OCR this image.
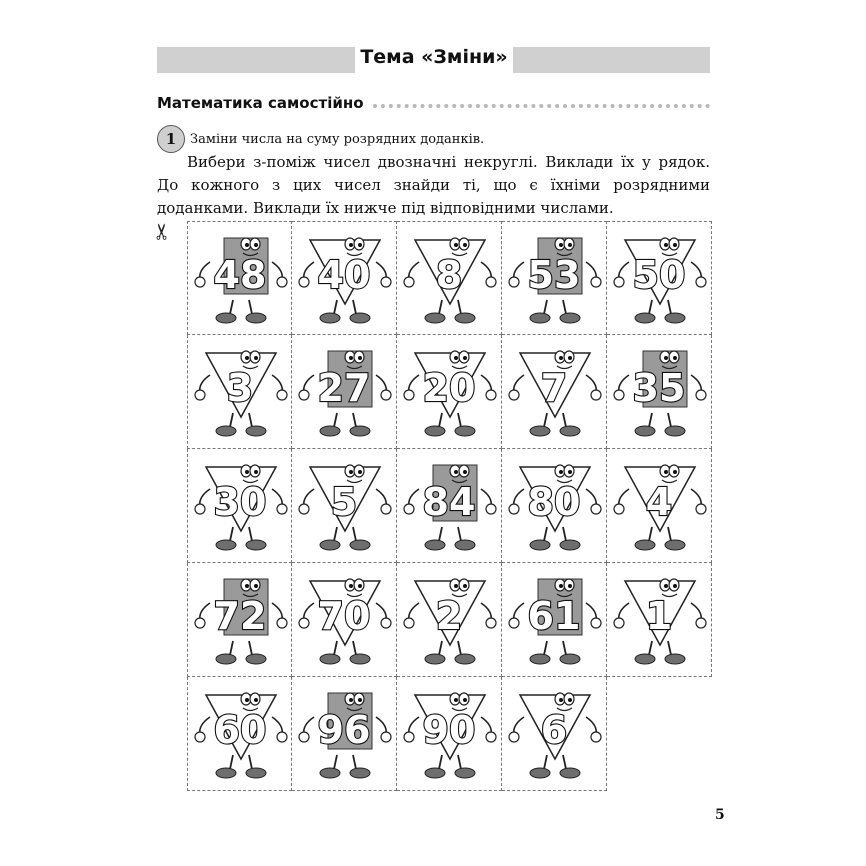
Тема «Зміни»
Математика самостійно
1	Заміни числа на суму розрядних доданків.
Вибери з-поміж чисел двозначні некруглі. Виклади їх у рядок. До кожного з цих чисел знайди ті, що є їхніми розрядними доданками. Виклади їх нижче під відповідними числами.
✂
48 40 8 53 50
3 27 20 7 35
30 5 84 80 4
72 70 2 61 1
60 96 90 6
5
